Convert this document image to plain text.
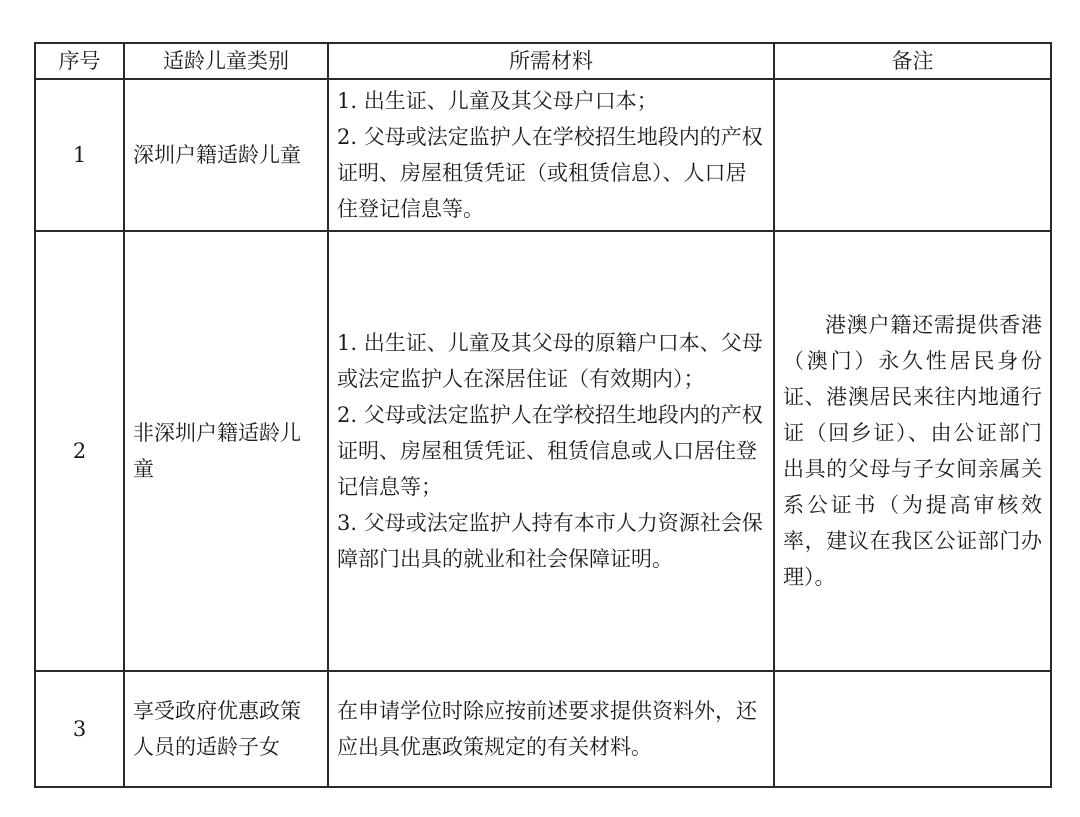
序号	适龄儿童类别	所需材料	备注
1	深圳户籍适龄儿童	1. 出生证、儿童及其父母户口本；
2. 父母或法定监护人在学校招生地段内的产权证明、房屋租赁凭证（或租赁信息）、人口居住登记信息等。	

2	非深圳户籍适龄儿童	1. 出生证、儿童及其父母的原籍户口本、父母或法定监护人在深居住证（有效期内）；
2. 父母或法定监护人在学校招生地段内的产权证明、房屋租赁凭证、租赁信息或人口居住登记信息等；
3. 父母或法定监护人持有本市人力资源社会保障部门出具的就业和社会保障证明。	港澳户籍还需提供香港（澳门）永久性居民身份证、港澳居民来往内地通行证（回乡证）、由公证部门出具的父母与子女间亲属关系公证书（为提高审核效率，建议在我区公证部门办理）。
3	享受政府优惠政策人员的适龄子女	在申请学位时除应按前述要求提供资料外，还应出具优惠政策规定的有关材料。	
